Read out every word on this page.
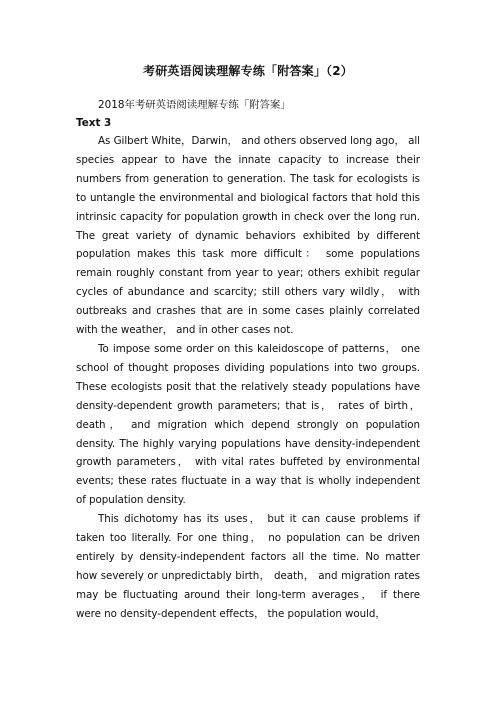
考研英语阅读理解专练「附答案」（2）

2018年考研英语阅读理解专练「附答案」

Text 3

As Gilbert White，Darwin， and others observed long ago， all species appear to have the innate capacity to increase their numbers from generation to generation. The task for ecologists is to untangle the environmental and biological factors that hold this intrinsic capacity for population growth in check over the long run. The great variety of dynamic behaviors exhibited by different population makes this task more difficult： some populations remain roughly constant from year to year; others exhibit regular cycles of abundance and scarcity; still others vary wildly， with outbreaks and crashes that are in some cases plainly correlated with the weather， and in other cases not.

To impose some order on this kaleidoscope of patterns， one school of thought proposes dividing populations into two groups. These ecologists posit that the relatively steady populations have density-dependent growth parameters; that is， rates of birth， death， and migration which depend strongly on population density. The highly varying populations have density-independent growth parameters， with vital rates buffeted by environmental events; these rates fluctuate in a way that is wholly independent of population density.

This dichotomy has its uses， but it can cause problems if taken too literally. For one thing， no population can be driven entirely by density-independent factors all the time. No matter how severely or unpredictably birth， death， and migration rates may be fluctuating around their long-term averages， if there were no density-dependent effects， the population would，
